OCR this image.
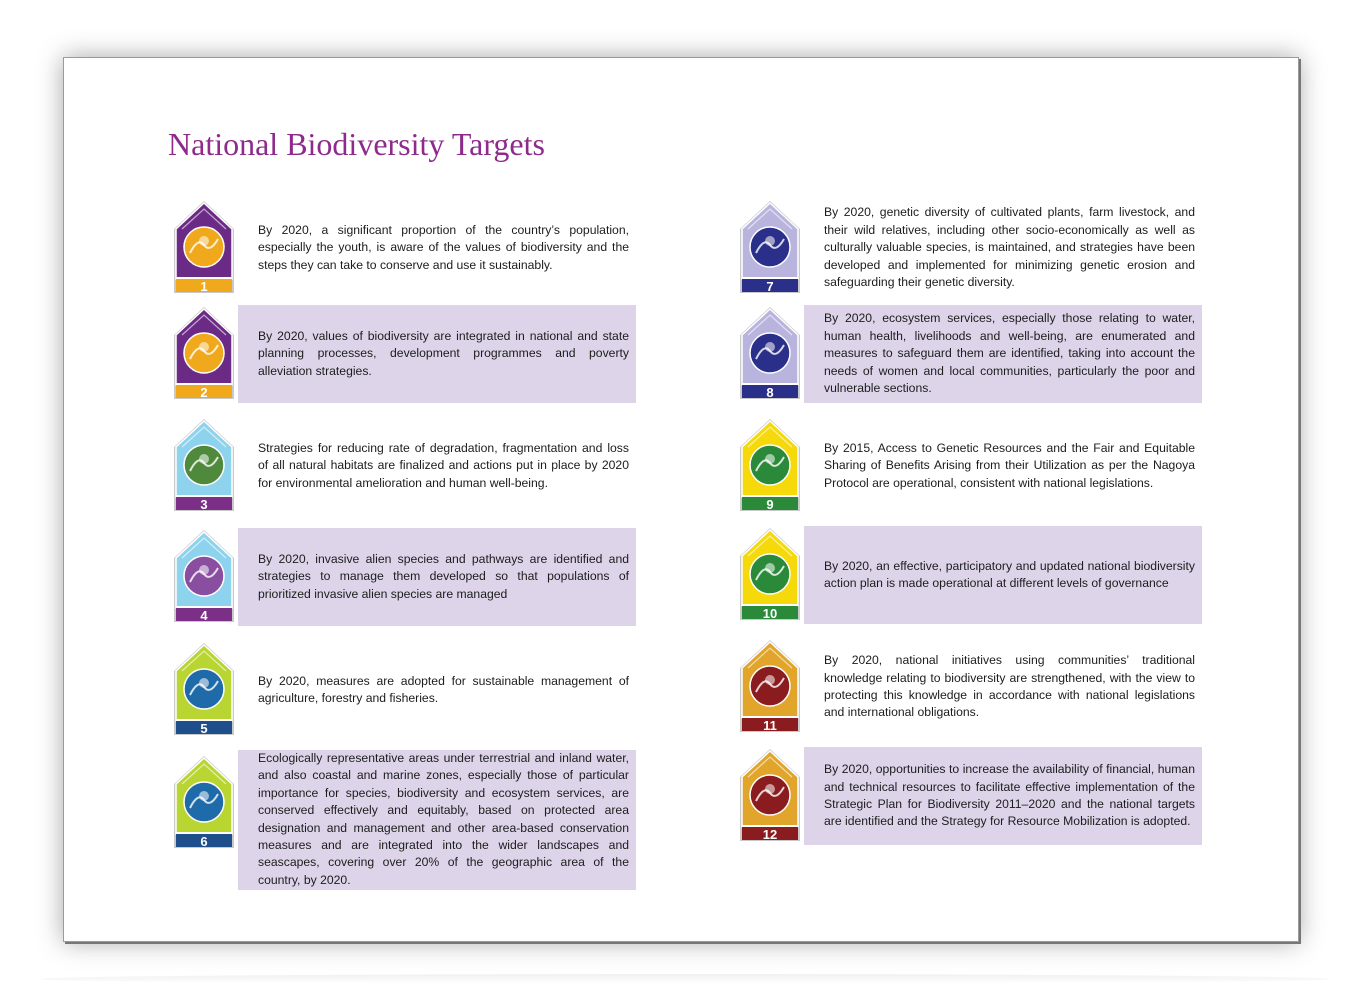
National Biodiversity Targets
1

By 2020, a significant proportion of the country’s population, especially the youth, is aware of the values of biodiversity and the steps they can take to conserve and use it sustainably.

2

By 2020, values of biodiversity are integrated in national and state planning processes, development programmes and poverty alleviation strategies.

3

Strategies for reducing rate of degradation, fragmentation and loss of all natural habitats are finalized and actions put in place by 2020 for environmental amelioration and human well-being.

4

By 2020, invasive alien species and pathways are identified and strategies to manage them developed so that populations of prioritized invasive alien species are managed

5

By 2020, measures are adopted for sustainable management of agriculture, forestry and fisheries.

6

Ecologically representative areas under terrestrial and inland water, and also coastal and marine zones, especially those of particular importance for species, biodiversity and ecosystem services, are conserved effectively and equitably, based on protected area designation and management and other area-based conservation measures and are integrated into the wider landscapes and seascapes, covering over 20% of the geographic area of the country, by 2020.

7

By 2020, genetic diversity of cultivated plants, farm livestock, and their wild relatives, including other socio-economically as well as culturally valuable species, is maintained, and strategies have been developed and implemented for minimizing genetic erosion and safeguarding their genetic diversity.

8

By 2020, ecosystem services, especially those relating to water, human health, livelihoods and well-being, are enumerated and measures to safeguard them are identified, taking into account the needs of women and local communities, particularly the poor and vulnerable sections.

9

By 2015, Access to Genetic Resources and the Fair and Equitable Sharing of Benefits Arising from their Utilization as per the Nagoya Protocol are operational, consistent with national legislations.

10

By 2020, an effective, participatory and updated national biodiversity action plan is made operational at different levels of governance

11

By 2020, national initiatives using communities’ traditional knowledge relating to biodiversity are strengthened, with the view to protecting this knowledge in accordance with national legislations and international obligations.

12

By 2020, opportunities to increase the availability of financial, human and technical resources to facilitate effective implementation of the Strategic Plan for Biodiversity 2011–2020 and the national targets are identified and the Strategy for Resource Mobilization is adopted.
